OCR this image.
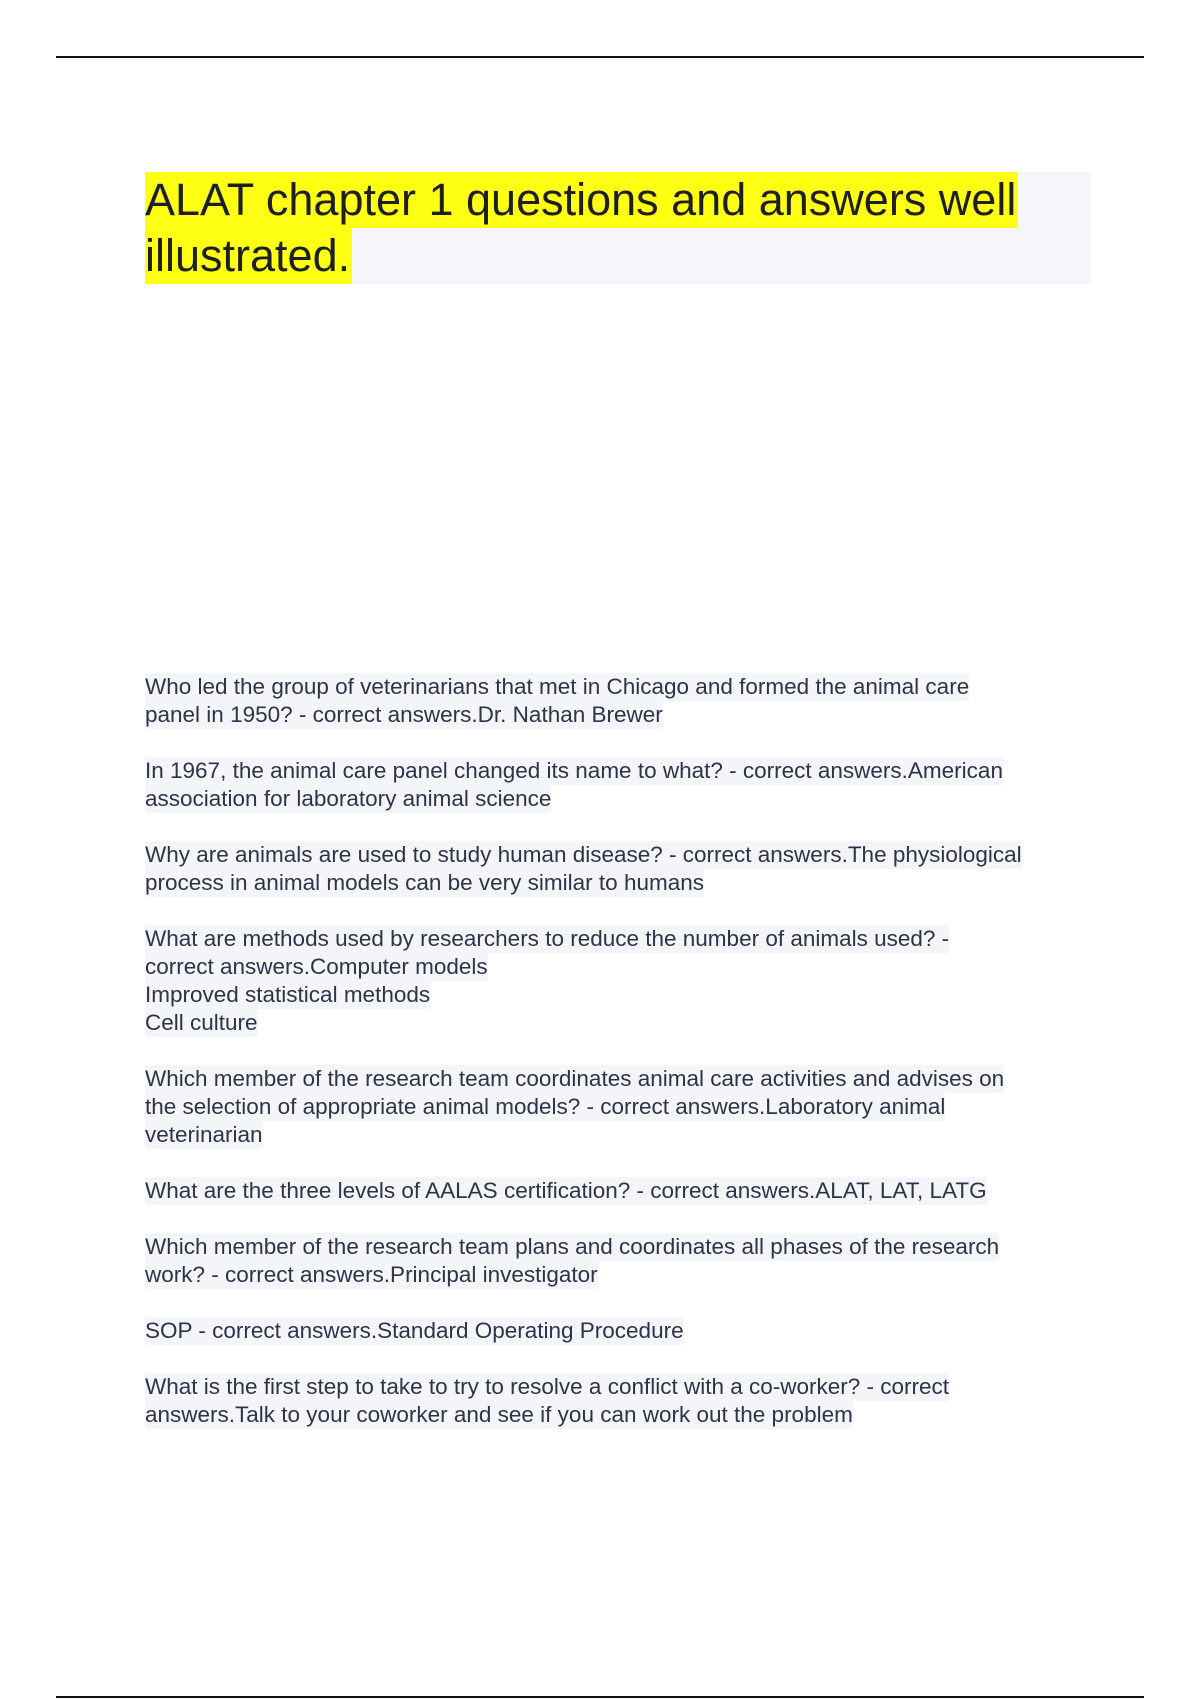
ALAT chapter 1 questions and answers well
illustrated.
Who led the group of veterinarians that met in Chicago and formed the animal care
panel in 1950? - correct answers.Dr. Nathan Brewer
In 1967, the animal care panel changed its name to what? - correct answers.American
association for laboratory animal science
Why are animals are used to study human disease? - correct answers.The physiological
process in animal models can be very similar to humans
What are methods used by researchers to reduce the number of animals used? -
correct answers.Computer models
Improved statistical methods
Cell culture
Which member of the research team coordinates animal care activities and advises on
the selection of appropriate animal models? - correct answers.Laboratory animal
veterinarian
What are the three levels of AALAS certification? - correct answers.ALAT, LAT, LATG
Which member of the research team plans and coordinates all phases of the research
work? - correct answers.Principal investigator
SOP - correct answers.Standard Operating Procedure
What is the first step to take to try to resolve a conflict with a co-worker? - correct
answers.Talk to your coworker and see if you can work out the problem
